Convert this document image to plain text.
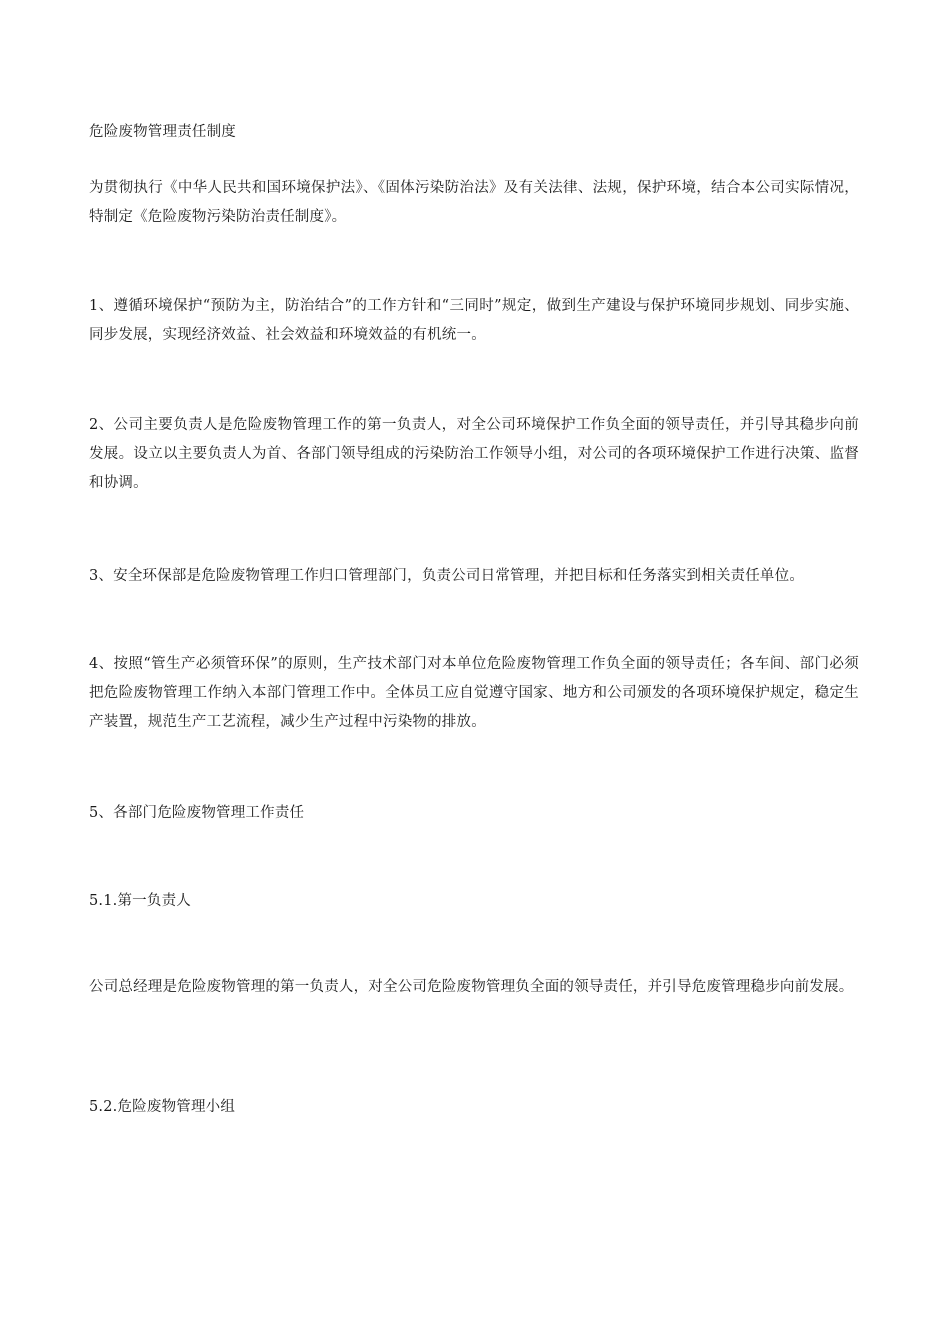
危险废物管理责任制度

为贯彻执行《中华人民共和国环境保护法》、《固体污染防治法》及有关法律、法规，保护环境，结合本公司实际情况，特制定《危险废物污染防治责任制度》。

1、遵循环境保护“预防为主，防治结合”的工作方针和“三同时”规定，做到生产建设与保护环境同步规划、同步实施、同步发展，实现经济效益、社会效益和环境效益的有机统一。

2、公司主要负责人是危险废物管理工作的第一负责人，对全公司环境保护工作负全面的领导责任，并引导其稳步向前发展。设立以主要负责人为首、各部门领导组成的污染防治工作领导小组，对公司的各项环境保护工作进行决策、监督和协调。

3、安全环保部是危险废物管理工作归口管理部门，负责公司日常管理，并把目标和任务落实到相关责任单位。

4、按照“管生产必须管环保”的原则，生产技术部门对本单位危险废物管理工作负全面的领导责任；各车间、部门必须把危险废物管理工作纳入本部门管理工作中。全体员工应自觉遵守国家、地方和公司颁发的各项环境保护规定，稳定生产装置，规范生产工艺流程，减少生产过程中污染物的排放。

5、各部门危险废物管理工作责任

5.1.第一负责人

公司总经理是危险废物管理的第一负责人，对全公司危险废物管理负全面的领导责任，并引导危废管理稳步向前发展。

5.2.危险废物管理小组
